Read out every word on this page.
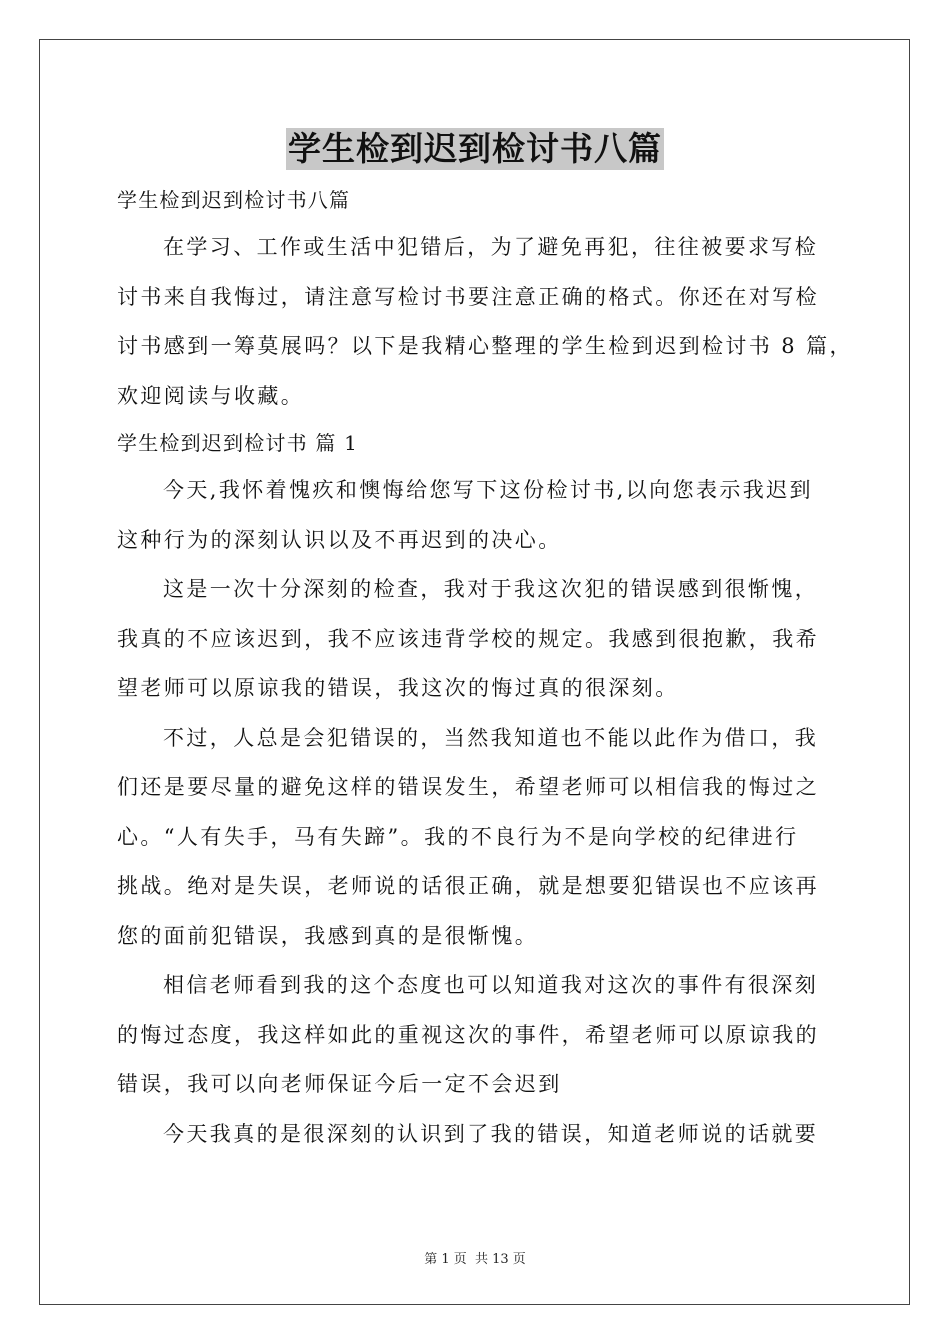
学生检到迟到检讨书八篇
学生检到迟到检讨书八篇
在学习、工作或生活中犯错后，为了避免再犯，往往被要求写检
讨书来自我悔过，请注意写检讨书要注意正确的格式。你还在对写检
讨书感到一筹莫展吗？以下是我精心整理的学生检到迟到检讨书 8 篇，
欢迎阅读与收藏。
学生检到迟到检讨书 篇 1
今天,我怀着愧疚和懊悔给您写下这份检讨书,以向您表示我迟到
这种行为的深刻认识以及不再迟到的决心。
这是一次十分深刻的检查，我对于我这次犯的错误感到很惭愧，
我真的不应该迟到，我不应该违背学校的规定。我感到很抱歉，我希
望老师可以原谅我的错误，我这次的悔过真的很深刻。
不过，人总是会犯错误的，当然我知道也不能以此作为借口，我
们还是要尽量的避免这样的错误发生，希望老师可以相信我的悔过之
心。“人有失手，马有失蹄”。我的不良行为不是向学校的纪律进行
挑战。绝对是失误，老师说的话很正确，就是想要犯错误也不应该再
您的面前犯错误，我感到真的是很惭愧。
相信老师看到我的这个态度也可以知道我对这次的事件有很深刻
的悔过态度，我这样如此的重视这次的事件，希望老师可以原谅我的
错误，我可以向老师保证今后一定不会迟到
今天我真的是很深刻的认识到了我的错误，知道老师说的话就要
第 1 页 共 13 页
